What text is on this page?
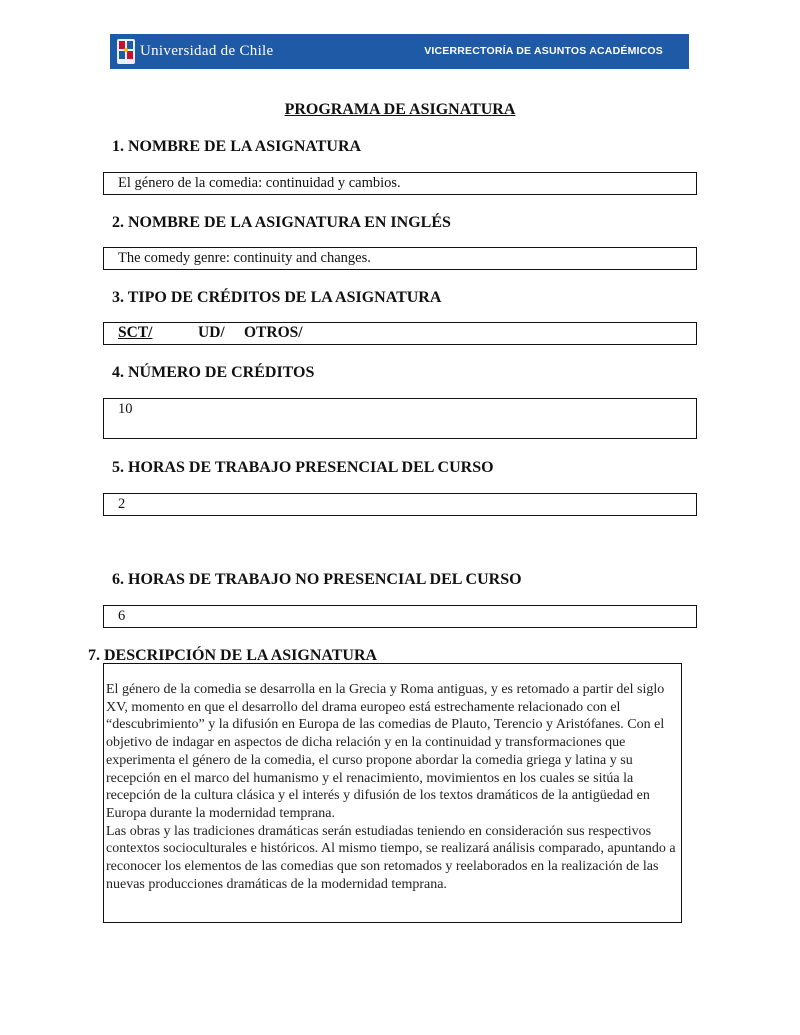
Universidad de Chile	VICERRECTORÍA DE ASUNTOS ACADÉMICOS
PROGRAMA DE ASIGNATURA
1. NOMBRE DE LA ASIGNATURA
El género de la comedia: continuidad y cambios.
2. NOMBRE DE LA ASIGNATURA EN INGLÉS
The comedy genre: continuity and changes.
3. TIPO DE CRÉDITOS DE LA ASIGNATURA
SCT/	UD/ OTROS/
4. NÚMERO DE CRÉDITOS
10
5. HORAS DE TRABAJO PRESENCIAL DEL CURSO
2
6. HORAS DE TRABAJO NO PRESENCIAL DEL CURSO
6
7. DESCRIPCIÓN DE LA ASIGNATURA

El género de la comedia se desarrolla en la Grecia y Roma antiguas, y es retomado a partir del siglo XV, momento en que el desarrollo del drama europeo está estrechamente relacionado con el “descubrimiento” y la difusión en Europa de las comedias de Plauto, Terencio y Aristófanes. Con el objetivo de indagar en aspectos de dicha relación y en la continuidad y transformaciones que experimenta el género de la comedia, el curso propone abordar la comedia griega y latina y su recepción en el marco del humanismo y el renacimiento, movimientos en los cuales se sitúa la recepción de la cultura clásica y el interés y difusión de los textos dramáticos de la antigüedad en Europa durante la modernidad temprana.

Las obras y las tradiciones dramáticas serán estudiadas teniendo en consideración sus respectivos contextos socioculturales e históricos. Al mismo tiempo, se realizará análisis comparado, apuntando a reconocer los elementos de las comedias que son retomados y reelaborados en la realización de las nuevas producciones dramáticas de la modernidad temprana.
